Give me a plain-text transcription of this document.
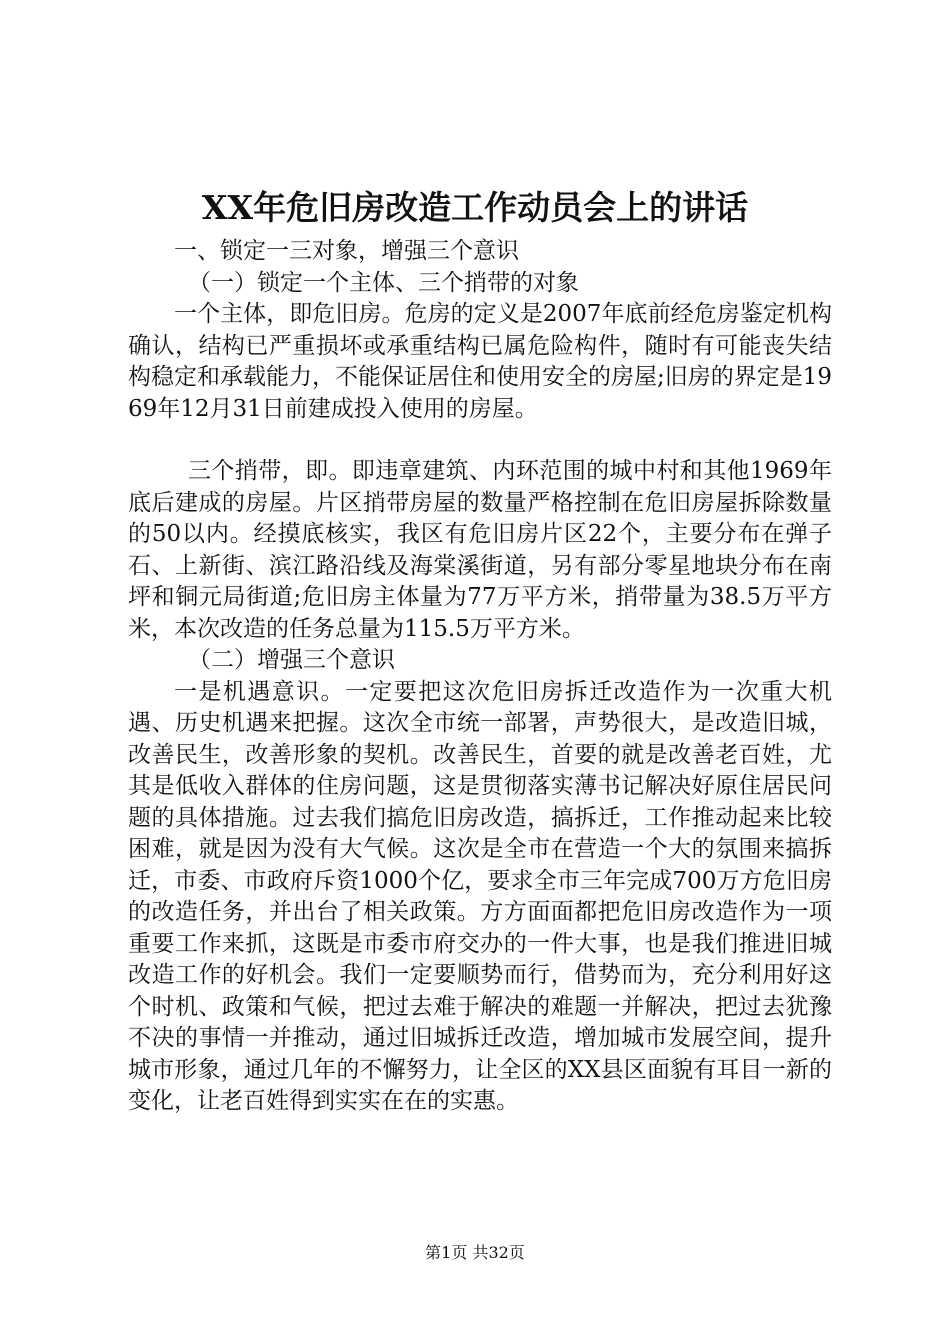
XX年危旧房改造工作动员会上的讲话

一、锁定一三对象，增强三个意识

（一）锁定一个主体、三个捎带的对象

一个主体，即危旧房。危房的定义是2007年底前经危房鉴定机构确认，结构已严重损坏或承重结构已属危险构件，随时有可能丧失结构稳定和承载能力，不能保证居住和使用安全的房屋;旧房的界定是1969年12月31日前建成投入使用的房屋。

三个捎带，即。即违章建筑、内环范围的城中村和其他1969年底后建成的房屋。片区捎带房屋的数量严格控制在危旧房屋拆除数量的50以内。经摸底核实，我区有危旧房片区22个，主要分布在弹子石、上新街、滨江路沿线及海棠溪街道，另有部分零星地块分布在南坪和铜元局街道;危旧房主体量为77万平方米，捎带量为38.5万平方米，本次改造的任务总量为115.5万平方米。

（二）增强三个意识

一是机遇意识。一定要把这次危旧房拆迁改造作为一次重大机遇、历史机遇来把握。这次全市统一部署，声势很大，是改造旧城，改善民生，改善形象的契机。改善民生，首要的就是改善老百姓，尤其是低收入群体的住房问题，这是贯彻落实薄书记解决好原住居民问题的具体措施。过去我们搞危旧房改造，搞拆迁，工作推动起来比较困难，就是因为没有大气候。这次是全市在营造一个大的氛围来搞拆迁，市委、市政府斥资1000个亿，要求全市三年完成700万方危旧房的改造任务，并出台了相关政策。方方面面都把危旧房改造作为一项重要工作来抓，这既是市委市府交办的一件大事，也是我们推进旧城改造工作的好机会。我们一定要顺势而行，借势而为，充分利用好这个时机、政策和气候，把过去难于解决的难题一并解决，把过去犹豫不决的事情一并推动，通过旧城拆迁改造，增加城市发展空间，提升城市形象，通过几年的不懈努力，让全区的XX县区面貌有耳目一新的变化，让老百姓得到实实在在的实惠。

第1页 共32页
